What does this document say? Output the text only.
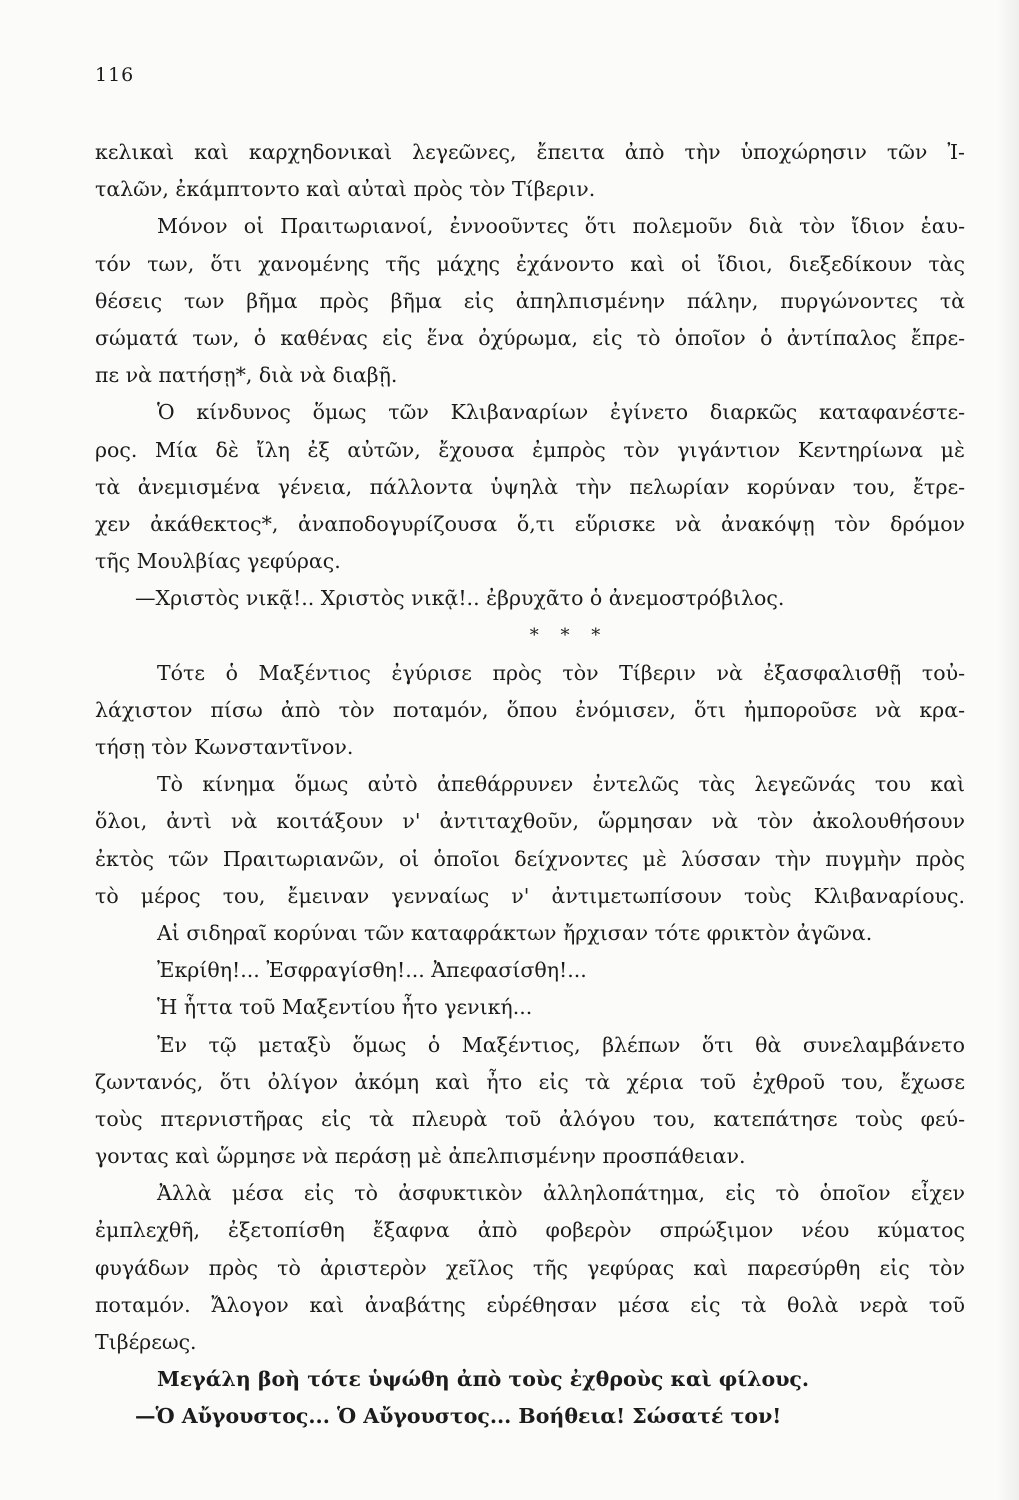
116
κελικαὶ καὶ καρχηδονικαὶ λεγεῶνες, ἔπειτα ἀπὸ τὴν ὑποχώρησιν τῶν Ἰ-
ταλῶν, ἐκάμπτοντο καὶ αὐταὶ πρὸς τὸν Τίβεριν.
Μόνον οἱ Πραιτωριανοί, ἐννοοῦντες ὅτι πολεμοῦν διὰ τὸν ἴδιον ἑαυ-
τόν των, ὅτι χανομένης τῆς μάχης ἐχάνοντο καὶ οἱ ἴδιοι, διεξεδίκουν τὰς
θέσεις των βῆμα πρὸς βῆμα εἰς ἀπηλπισμένην πάλην, πυργώνοντες τὰ
σώματά των, ὁ καθένας εἰς ἕνα ὀχύρωμα, εἰς τὸ ὁποῖον ὁ ἀντίπαλος ἔπρε-
πε νὰ πατήσῃ*, διὰ νὰ διαβῇ.
Ὁ κίνδυνος ὅμως τῶν Κλιβαναρίων ἐγίνετο διαρκῶς καταφανέστε-
ρος. Μία δὲ ἴλη ἐξ αὐτῶν, ἔχουσα ἐμπρὸς τὸν γιγάντιον Κεντηρίωνα μὲ
τὰ ἀνεμισμένα γένεια, πάλλοντα ὑψηλὰ τὴν πελωρίαν κορύναν του, ἔτρε-
χεν ἀκάθεκτος*, ἀναποδογυρίζουσα ὅ,τι εὕρισκε νὰ ἀνακόψῃ τὸν δρόμον
τῆς Μουλβίας γεφύρας.
—Χριστὸς νικᾷ!.. Χριστὸς νικᾷ!.. ἐβρυχᾶτο ὁ ἀνεμοστρόβιλος.
* * *
Τότε ὁ Μαξέντιος ἐγύρισε πρὸς τὸν Τίβεριν νὰ ἐξασφαλισθῇ τοὐ-
λάχιστον πίσω ἀπὸ τὸν ποταμόν, ὅπου ἐνόμισεν, ὅτι ἠμποροῦσε νὰ κρα-
τήσῃ τὸν Κωνσταντῖνον.
Τὸ κίνημα ὅμως αὐτὸ ἀπεθάρρυνεν ἐντελῶς τὰς λεγεῶνάς του καὶ
ὅλοι, ἀντὶ νὰ κοιτάξουν ν' ἀντιταχθοῦν, ὥρμησαν νὰ τὸν ἀκολουθήσουν
ἐκτὸς τῶν Πραιτωριανῶν, οἱ ὁποῖοι δείχνοντες μὲ λύσσαν τὴν πυγμὴν πρὸς
τὸ μέρος του, ἔμειναν γενναίως ν' ἀντιμετωπίσουν τοὺς Κλιβαναρίους.
Αἱ σιδηραῖ κορύναι τῶν καταφράκτων ἤρχισαν τότε φρικτὸν ἀγῶνα.
Ἐκρίθη!... Ἐσφραγίσθη!... Ἀπεφασίσθη!...
Ἡ ἧττα τοῦ Μαξεντίου ἦτο γενική...
Ἐν τῷ μεταξὺ ὅμως ὁ Μαξέντιος, βλέπων ὅτι θὰ συνελαμβάνετο
ζωντανός, ὅτι ὀλίγον ἀκόμη καὶ ἦτο εἰς τὰ χέρια τοῦ ἐχθροῦ του, ἔχωσε
τοὺς πτερνιστῆρας εἰς τὰ πλευρὰ τοῦ ἀλόγου του, κατεπάτησε τοὺς φεύ-
γοντας καὶ ὥρμησε νὰ περάσῃ μὲ ἀπελπισμένην προσπάθειαν.
Ἀλλὰ μέσα εἰς τὸ ἀσφυκτικὸν ἀλληλοπάτημα, εἰς τὸ ὁποῖον εἶχεν
ἐμπλεχθῆ, ἐξετοπίσθη ἔξαφνα ἀπὸ φοβερὸν σπρώξιμον νέου κύματος
φυγάδων πρὸς τὸ ἀριστερὸν χεῖλος τῆς γεφύρας καὶ παρεσύρθη εἰς τὸν
ποταμόν. Ἄλογον καὶ ἀναβάτης εὑρέθησαν μέσα εἰς τὰ θολὰ νερὰ τοῦ
Τιβέρεως.
Μεγάλη βοὴ τότε ὑψώθη ἀπὸ τοὺς ἐχθροὺς καὶ φίλους.
—Ὁ Αὔγουστος... Ὁ Αὔγουστος... Βοήθεια! Σώσατέ τον!
